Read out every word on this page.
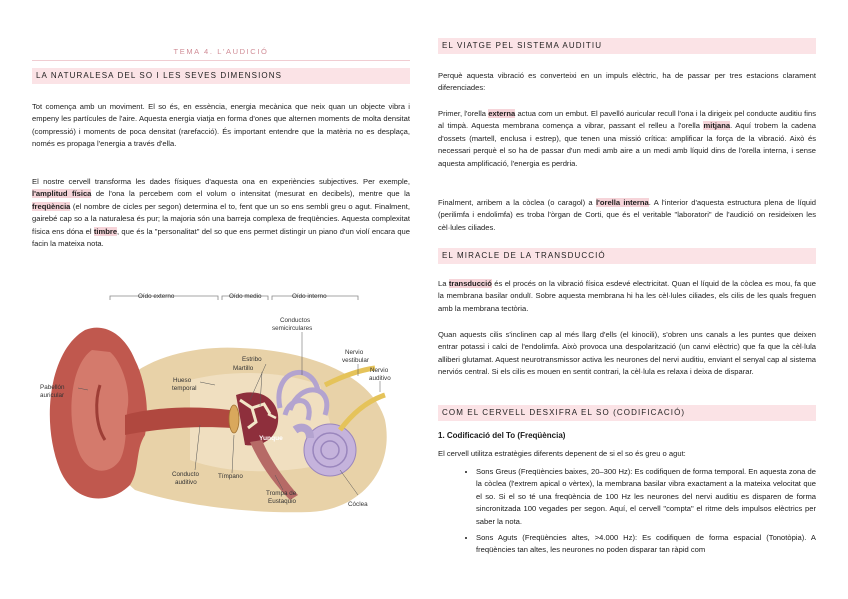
TEMA 4. L'AUDICIÓ
LA NATURALESA DEL SO I LES SEVES DIMENSIONS

Tot comença amb un moviment. El so és, en essència, energia mecànica que neix quan un objecte vibra i empeny les partícules de l'aire. Aquesta energia viatja en forma d'ones que alternen moments de molta densitat (compressió) i moments de poca densitat (rarefacció). És important entendre que la matèria no es desplaça, només es propaga l'energia a través d'ella.

El nostre cervell transforma les dades físiques d'aquesta ona en experiències subjectives. Per exemple, l'amplitud física de l'ona la percebem com el volum o intensitat (mesurat en decibels), mentre que la freqüència (el nombre de cicles per segon) determina el to, fent que un so ens sembli greu o agut. Finalment, gairebé cap so a la naturalesa és pur; la majoria són una barreja complexa de freqüències. Aquesta complexitat física ens dóna el timbre, que és la "personalitat" del so que ens permet distingir un piano d'un violí encara que facin la mateixa nota.

Oído externo	Oído medio	Oído interno
Conductos
semicirculares
Estribo
Martillo
Hueso
temporal
Nervio
vestibular
Nervio
auditivo
Pabellón
auricular
Yunque
Conducto
auditivo
Tímpano
Trompa de
Eustaquio	Cóclea
EL VIATGE PEL SISTEMA AUDITIU

Perquè aquesta vibració es converteixi en un impuls elèctric, ha de passar per tres estacions clarament diferenciades:

Primer, l'orella externa actua com un embut. El pavelló auricular recull l'ona i la dirigeix pel conducte auditiu fins al timpà. Aquesta membrana comença a vibrar, passant el relleu a l'orella mitjana. Aquí trobem la cadena d'ossets (martell, enclusa i estrep), que tenen una missió crítica: amplificar la força de la vibració. Això és necessari perquè el so ha de passar d'un medi amb aire a un medi amb líquid dins de l'orella interna, i sense aquesta amplificació, l'energia es perdria.

Finalment, arribem a la còclea (o caragol) a l'orella interna. A l'interior d'aquesta estructura plena de líquid (perilimfa i endolimfa) es troba l'òrgan de Corti, que és el veritable "laboratori" de l'audició on resideixen les cèl·lules ciliades.

EL MIRACLE DE LA TRANSDUCCIÓ

La transducció és el procés on la vibració física esdevé electricitat. Quan el líquid de la còclea es mou, fa que la membrana basilar ondulï. Sobre aquesta membrana hi ha les cèl·lules ciliades, els cilis de les quals freguen amb la membrana tectòria.

Quan aquests cilis s'inclinen cap al més llarg d'ells (el kinocili), s'obren uns canals a les puntes que deixen entrar potassi i calci de l'endolimfa. Això provoca una despolarització (un canvi elèctric) que fa que la cèl·lula alliberi glutamat. Aquest neurotransmissor activa les neurones del nervi auditiu, enviant el senyal cap al sistema nerviós central. Si els cilis es mouen en sentit contrari, la cèl·lula es relaxa i deixa de disparar.

COM EL CERVELL DESXIFRA EL SO (CODIFICACIÓ)

1. Codificació del To (Freqüència)

El cervell utilitza estratègies diferents depenent de si el so és greu o agut:

• Sons Greus (Freqüències baixes, 20–300 Hz): Es codifiquen de forma temporal. En aquesta zona de la còclea (l'extrem apical o vèrtex), la membrana basilar vibra exactament a la mateixa velocitat que el so. Si el so té una freqüència de 100 Hz les neurones del nervi auditiu es disparen de forma sincronitzada 100 vegades per segon. Aquí, el cervell "compta" el ritme dels impulsos elèctrics per saber la nota.
• Sons Aguts (Freqüències altes, >4.000 Hz): Es codifiquen de forma espacial (Tonotòpia). A freqüències tan altes, les neurones no poden disparar tan ràpid com
